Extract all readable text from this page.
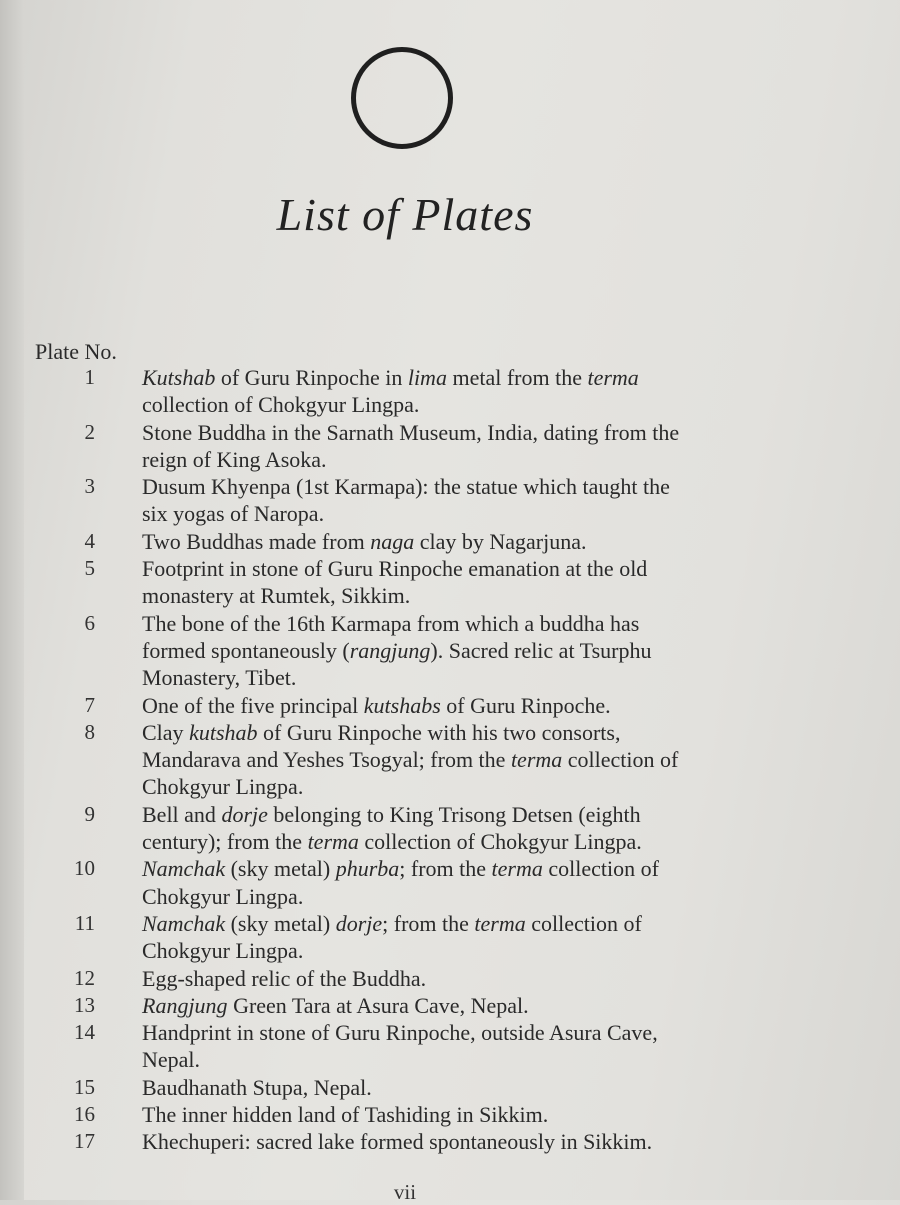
List of Plates
Plate No.
1 Kutshab of Guru Rinpoche in lima metal from the terma
collection of Chokgyur Lingpa.
2 Stone Buddha in the Sarnath Museum, India, dating from the
reign of King Asoka.
3 Dusum Khyenpa (1st Karmapa): the statue which taught the
six yogas of Naropa.
4 Two Buddhas made from naga clay by Nagarjuna.
5 Footprint in stone of Guru Rinpoche emanation at the old
monastery at Rumtek, Sikkim.
6 The bone of the 16th Karmapa from which a buddha has
formed spontaneously (rangjung). Sacred relic at Tsurphu
Monastery, Tibet.
7 One of the five principal kutshabs of Guru Rinpoche.
8 Clay kutshab of Guru Rinpoche with his two consorts,
Mandarava and Yeshes Tsogyal; from the terma collection of
Chokgyur Lingpa.
9 Bell and dorje belonging to King Trisong Detsen (eighth
century); from the terma collection of Chokgyur Lingpa.
10 Namchak (sky metal) phurba; from the terma collection of
Chokgyur Lingpa.
11 Namchak (sky metal) dorje; from the terma collection of
Chokgyur Lingpa.
12 Egg-shaped relic of the Buddha.
13 Rangjung Green Tara at Asura Cave, Nepal.
14 Handprint in stone of Guru Rinpoche, outside Asura Cave,
Nepal.
15 Baudhanath Stupa, Nepal.
16 The inner hidden land of Tashiding in Sikkim.
17 Khechuperi: sacred lake formed spontaneously in Sikkim.
vii
